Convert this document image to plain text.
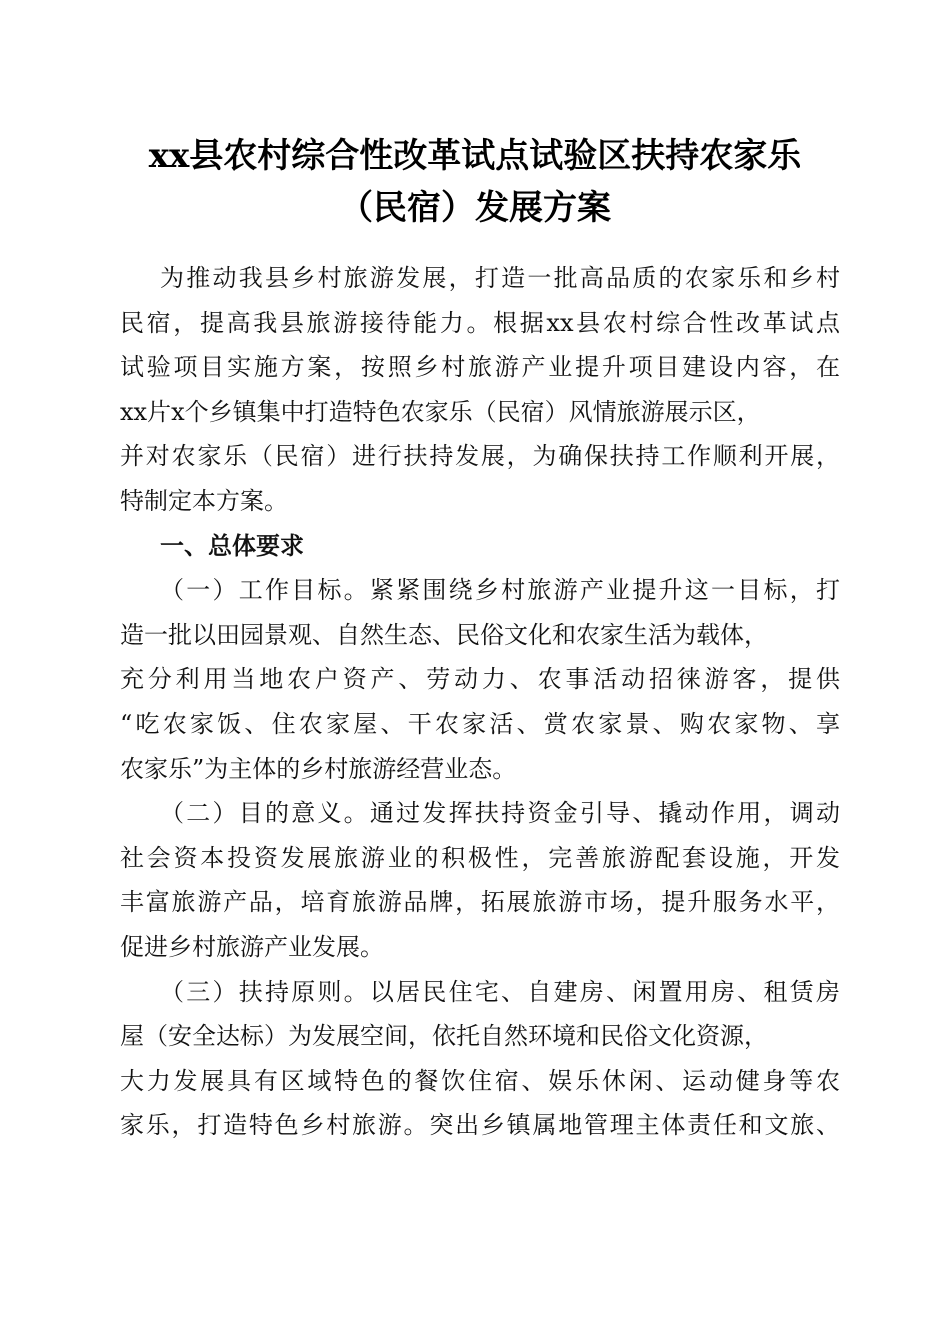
xx县农村综合性改革试点试验区扶持农家乐
（民宿）发展方案
为推动我县乡村旅游发展，打造一批高品质的农家乐和乡村
民宿，提高我县旅游接待能力。根据xx县农村综合性改革试点
试验项目实施方案，按照乡村旅游产业提升项目建设内容，在
xx片x个乡镇集中打造特色农家乐（民宿）风情旅游展示区，
并对农家乐（民宿）进行扶持发展，为确保扶持工作顺利开展，
特制定本方案。
一、总体要求
（一）工作目标。紧紧围绕乡村旅游产业提升这一目标，打
造一批以田园景观、自然生态、民俗文化和农家生活为载体，
充分利用当地农户资产、劳动力、农事活动招徕游客，提供
“吃农家饭、住农家屋、干农家活、赏农家景、购农家物、享
农家乐”为主体的乡村旅游经营业态。
（二）目的意义。通过发挥扶持资金引导、撬动作用，调动
社会资本投资发展旅游业的积极性，完善旅游配套设施，开发
丰富旅游产品，培育旅游品牌，拓展旅游市场，提升服务水平，
促进乡村旅游产业发展。
（三）扶持原则。以居民住宅、自建房、闲置用房、租赁房
屋（安全达标）为发展空间，依托自然环境和民俗文化资源，
大力发展具有区域特色的餐饮住宿、娱乐休闲、运动健身等农
家乐，打造特色乡村旅游。突出乡镇属地管理主体责任和文旅、
